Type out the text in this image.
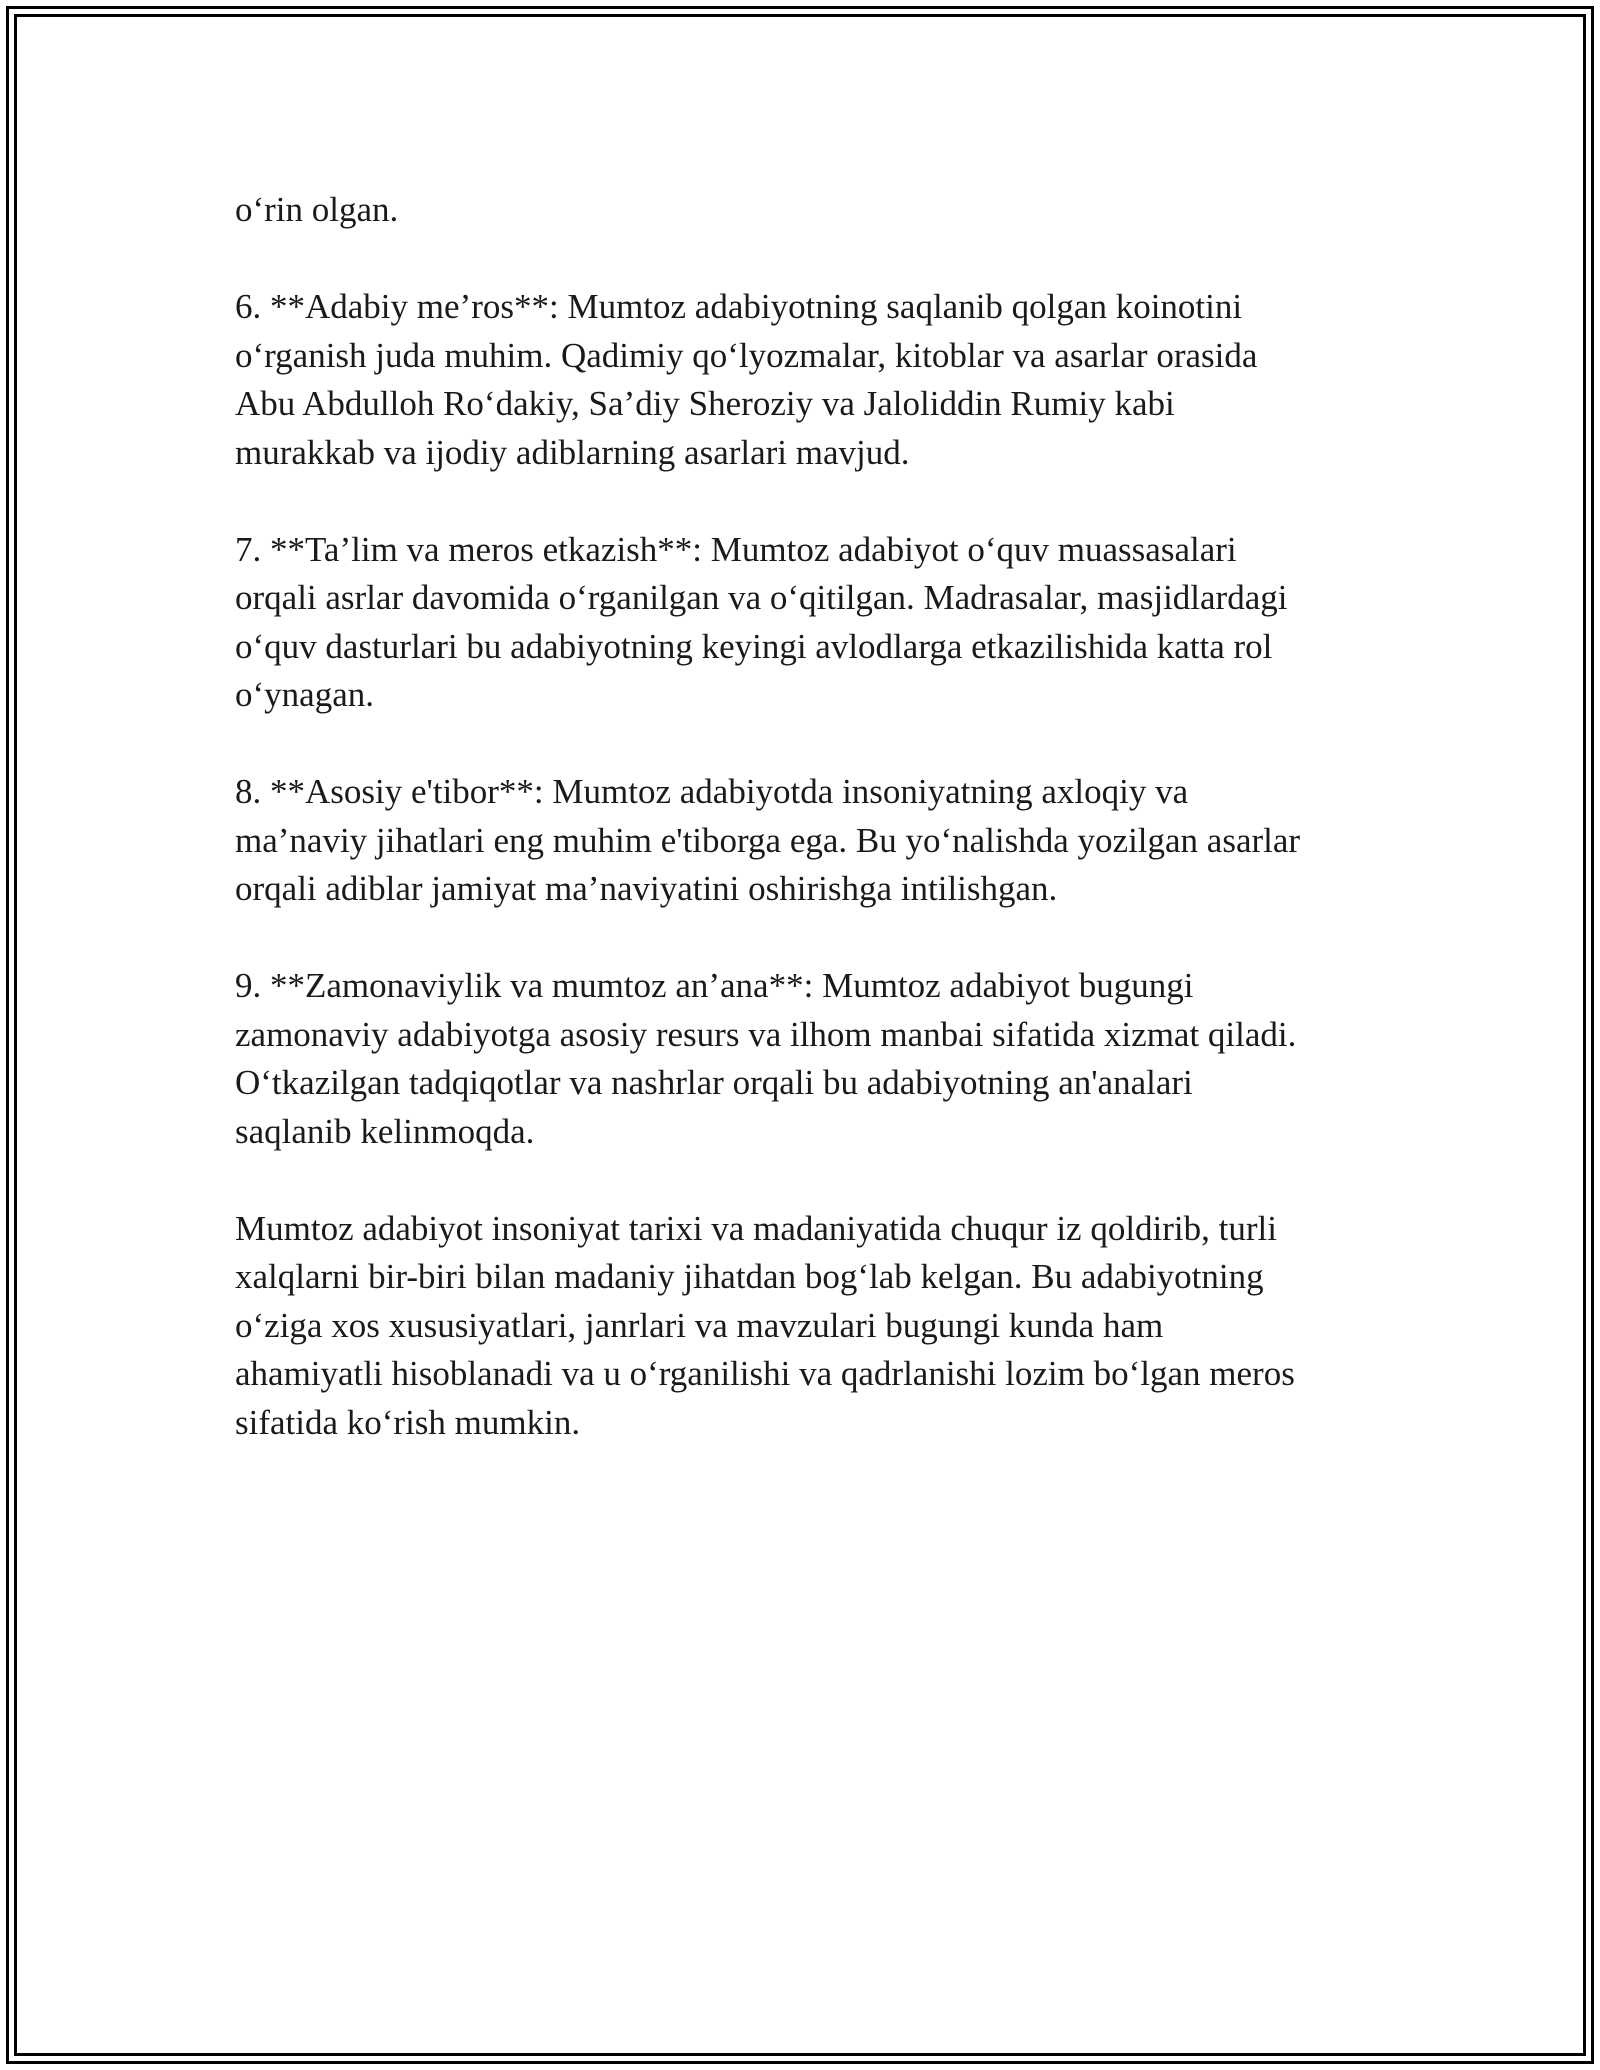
o‘rin olgan.

6. **Adabiy me’ros**: Mumtoz adabiyotning saqlanib qolgan koinotini
o‘rganish juda muhim. Qadimiy qo‘lyozmalar, kitoblar va asarlar orasida
Abu Abdulloh Ro‘dakiy, Sa’diy Sheroziy va Jaloliddin Rumiy kabi
murakkab va ijodiy adiblarning asarlari mavjud.

7. **Ta’lim va meros etkazish**: Mumtoz adabiyot o‘quv muassasalari
orqali asrlar davomida o‘rganilgan va o‘qitilgan. Madrasalar, masjidlardagi
o‘quv dasturlari bu adabiyotning keyingi avlodlarga etkazilishida katta rol
o‘ynagan.

8. **Asosiy e'tibor**: Mumtoz adabiyotda insoniyatning axloqiy va
ma’naviy jihatlari eng muhim e'tiborga ega. Bu yo‘nalishda yozilgan asarlar
orqali adiblar jamiyat ma’naviyatini oshirishga intilishgan.

9. **Zamonaviylik va mumtoz an’ana**: Mumtoz adabiyot bugungi
zamonaviy adabiyotga asosiy resurs va ilhom manbai sifatida xizmat qiladi.
O‘tkazilgan tadqiqotlar va nashrlar orqali bu adabiyotning an'analari
saqlanib kelinmoqda.

Mumtoz adabiyot insoniyat tarixi va madaniyatida chuqur iz qoldirib, turli
xalqlarni bir-biri bilan madaniy jihatdan bog‘lab kelgan. Bu adabiyotning
o‘ziga xos xususiyatlari, janrlari va mavzulari bugungi kunda ham
ahamiyatli hisoblanadi va u o‘rganilishi va qadrlanishi lozim bo‘lgan meros
sifatida ko‘rish mumkin.
